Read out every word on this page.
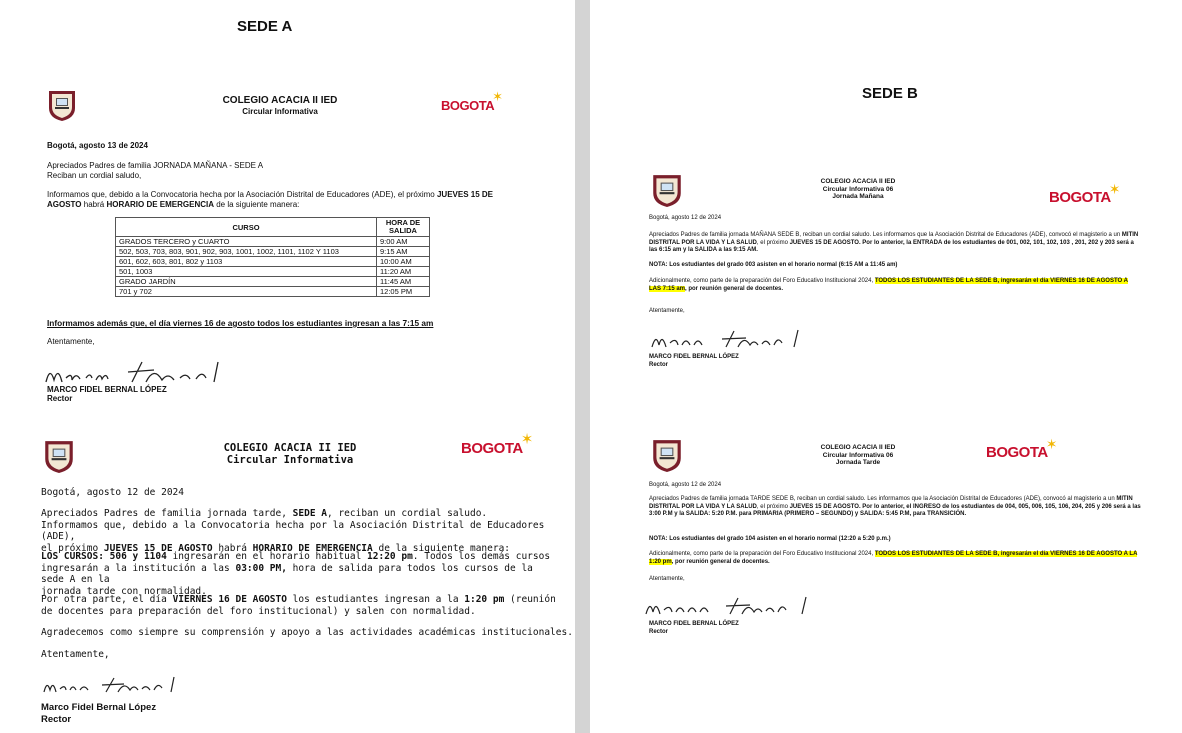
SEDE A
COLEGIO ACACIA II IED
Circular Informativa	BOGOTA
✶
Bogotá, agosto 13 de 2024
Apreciados Padres de familia JORNADA MAÑANA - SEDE A
Reciban un cordial saludo,
Informamos que, debido a la Convocatoria hecha por la Asociación Distrital de Educadores (ADE), el próximo JUEVES 15 DE AGOSTO habrá HORARIO DE EMERGENCIA de la siguiente manera:
CURSO	HORA DE SALIDA
GRADOS TERCERO y CUARTO	9:00 AM
502, 503, 703, 803, 901, 902, 903, 1001, 1002, 1101, 1102 Y 1103	9:15 AM
601, 602, 603, 801, 802 y 1103	10:00 AM
501, 1003	11:20 AM
GRADO JARDÍN	11:45 AM
701 y 702	12:05 PM
Informamos además que, el día viernes 16 de agosto todos los estudiantes ingresan a las 7:15 am
Atentamente,
MARCO FIDEL BERNAL LÓPEZ
Rector
COLEGIO ACACIA II IED
Circular Informativa
BOGOTA
✶
Bogotá, agosto 12 de 2024
Apreciados Padres de familia jornada tarde, SEDE A, reciban un cordial saludo.
Informamos que, debido a la Convocatoria hecha por la Asociación Distrital de Educadores (ADE),
el próximo JUEVES 15 DE AGOSTO habrá HORARIO DE EMERGENCIA de la siguiente manera:
LOS CURSOS: 506 y 1104 ingresarán en el horario habitual 12:20 pm. Todos los demás cursos
ingresarán a la institución a las 03:00 PM, hora de salida para todos los cursos de la sede A en la
jornada tarde con normalidad.
Por otra parte, el día VIERNES 16 DE AGOSTO los estudiantes ingresan a la 1:20 pm (reunión
de docentes para preparación del foro institucional) y salen con normalidad.
Agradecemos como siempre su comprensión y apoyo a las actividades académicas institucionales.
Atentamente,
Marco Fidel Bernal López
Rector
SEDE B
COLEGIO ACACIA II IED
Circular Informativa 06
Jornada Mañana	BOGOTA
✶
Bogotá, agosto 12 de 2024
Apreciados Padres de familia jornada MAÑANA SEDE B, reciban un cordial saludo. Les informamos que la Asociación Distrital de Educadores (ADE), convocó el magisterio a un MITIN DISTRITAL POR LA VIDA Y LA SALUD, el próximo JUEVES 15 DE AGOSTO. Por lo anterior, la ENTRADA de los estudiantes de 001, 002, 101, 102, 103 , 201, 202 y 203 será a las 6:15 am y la SALIDA a las 9:15 AM.
NOTA: Los estudiantes del grado 003 asisten en el horario normal (6:15 AM a 11:45 am)
Adicionalmente, como parte de la preparación del Foro Educativo Institucional 2024, TODOS LOS ESTUDIANTES DE LA SEDE B, ingresarán el día VIERNES 16 DE AGOSTO A LAS 7:15 am, por reunión general de docentes.
Atentamente,
MARCO FIDEL BERNAL LÓPEZ
Rector
COLEGIO ACACIA II IED
Circular Informativa 06
Jornada Tarde
BOGOTA
✶
Bogotá, agosto 12 de 2024
Apreciados Padres de familia jornada TARDE SEDE B, reciban un cordial saludo. Les informamos que la Asociación Distrital de Educadores (ADE), convocó al magisterio a un MITIN DISTRITAL POR LA VIDA Y LA SALUD, el próximo JUEVES 15 DE AGOSTO. Por lo anterior, el INGRESO de los estudiantes de 004, 005, 006, 105, 106, 204, 205 y 206 será a las 3:00 P.M y la SALIDA: 5:20 P.M. para PRIMARIA (PRIMERO – SEGUNDO) y SALIDA: 5:45 P.M, para TRANSICIÓN.
NOTA: Los estudiantes del grado 104 asisten en el horario normal (12:20 a 5:20 p.m.)
Adicionalmente, como parte de la preparación del Foro Educativo Institucional 2024, TODOS LOS ESTUDIANTES DE LA SEDE B, ingresarán el día VIERNES 16 DE AGOSTO A LA 1:20 pm, por reunión general de docentes.
Atentamente,
MARCO FIDEL BERNAL LÓPEZ
Rector
